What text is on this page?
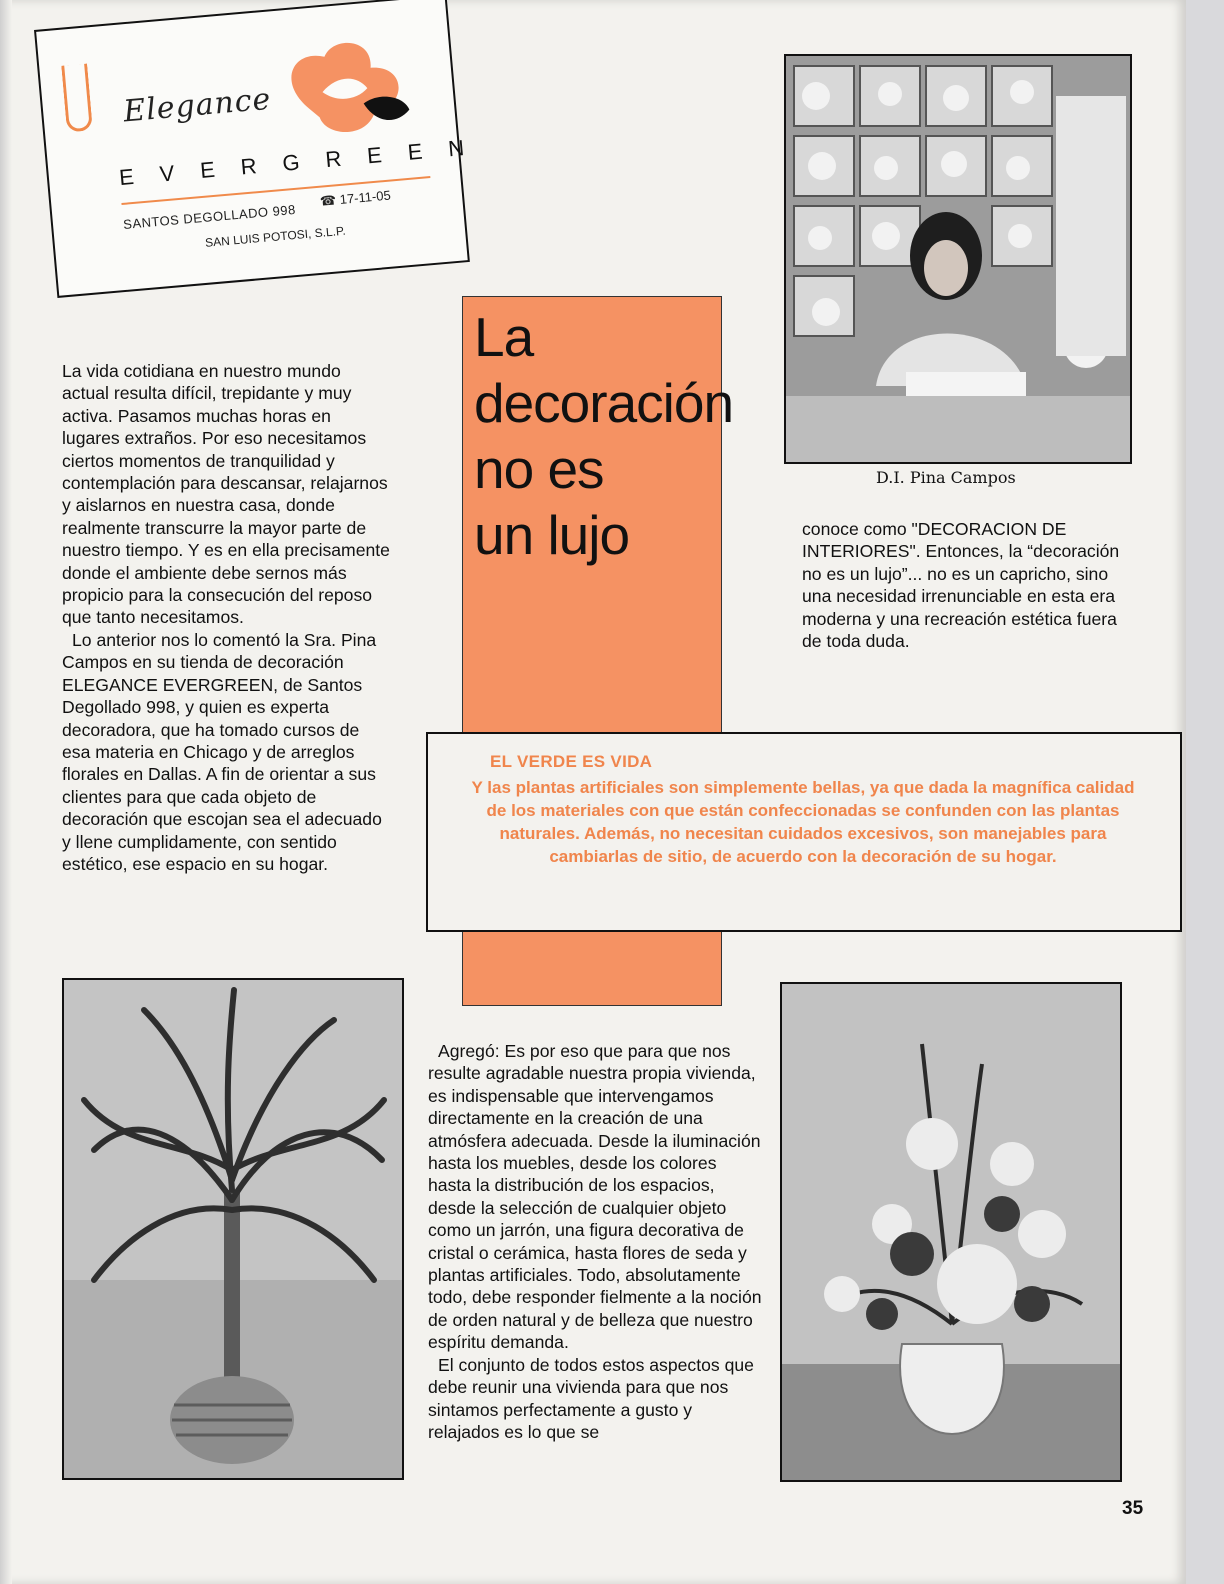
Elegance
EVERGREEN
SANTOS DEGOLLADO 998
☎ 17-11-05
SAN LUIS POTOSI, S.L.P.

La vida cotidiana en nuestro mundo actual resulta difícil, trepidante y muy activa. Pasamos muchas horas en lugares extraños. Por eso necesitamos ciertos momentos de tranquilidad y contemplación para descansar, relajarnos y aislarnos en nuestra casa, donde realmente transcurre la mayor parte de nuestro tiempo. Y es en ella precisamente donde el ambiente debe sernos más propicio para la consecución del reposo que tanto necesitamos.

Lo anterior nos lo comentó la Sra. Pina Campos en su tienda de decoración ELEGANCE EVERGREEN, de Santos Degollado 998, y quien es experta decoradora, que ha tomado cursos de esa materia en Chicago y de arreglos florales en Dallas. A fin de orientar a sus clientes para que cada objeto de decoración que escojan sea el adecuado y llene cumplidamente, con sentido estético, ese espacio en su hogar.

La
decoración
no es
un lujo
D.I. Pina Campos

conoce como "DECORACION DE INTERIORES". Entonces, la “decoración no es un lujo”... no es un capricho, sino una necesidad irrenunciable en esta era moderna y una recreación estética fuera de toda duda.

EL VERDE ES VIDA
Y las plantas artificiales son simplemente bellas, ya que dada la magnífica calidad de los materiales con que están confeccionadas se confunden con las plantas naturales. Además, no necesitan cuidados excesivos, son manejables para cambiarlas de sitio, de acuerdo con la decoración de su hogar.

Agregó: Es por eso que para que nos resulte agradable nuestra propia vivienda, es indispensable que intervengamos directamente en la creación de una atmósfera adecuada. Desde la iluminación hasta los muebles, desde los colores hasta la distribución de los espacios, desde la selección de cualquier objeto como un jarrón, una figura decorativa de cristal o cerámica, hasta flores de seda y plantas artificiales. Todo, absolutamente todo, debe responder fielmente a la noción de orden natural y de belleza que nuestro espíritu demanda.

El conjunto de todos estos aspectos que debe reunir una vivienda para que nos sintamos perfectamente a gusto y relajados es lo que se

35
